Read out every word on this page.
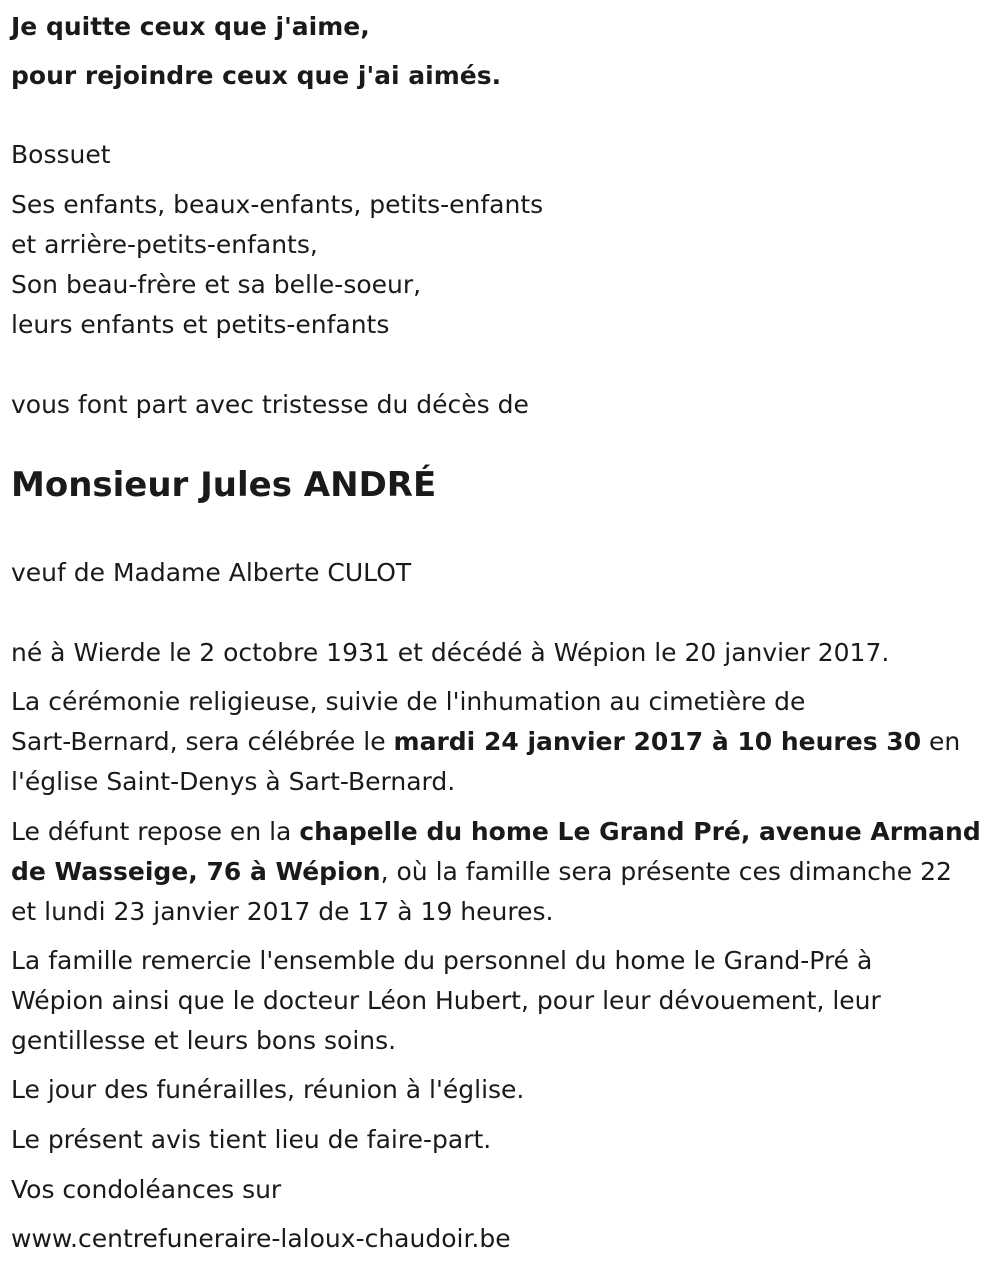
Je quitte ceux que j'aime,
pour rejoindre ceux que j'ai aimés.
Bossuet
Ses enfants, beaux-enfants, petits-enfants
et arrière-petits-enfants,
Son beau-frère et sa belle-soeur,
leurs enfants et petits-enfants
vous font part avec tristesse du décès de
Monsieur Jules ANDRÉ
veuf de Madame Alberte CULOT
né à Wierde le 2 octobre 1931 et décédé à Wépion le 20 janvier 2017.
La cérémonie religieuse, suivie de l'inhumation au cimetière de
Sart-Bernard, sera célébrée le mardi 24 janvier 2017 à 10 heures 30 en
l'église Saint-Denys à Sart-Bernard.
Le défunt repose en la chapelle du home Le Grand Pré, avenue Armand
de Wasseige, 76 à Wépion, où la famille sera présente ces dimanche 22
et lundi 23 janvier 2017 de 17 à 19 heures.
La famille remercie l'ensemble du personnel du home le Grand-Pré à
Wépion ainsi que le docteur Léon Hubert, pour leur dévouement, leur
gentillesse et leurs bons soins.
Le jour des funérailles, réunion à l'église.
Le présent avis tient lieu de faire-part.
Vos condoléances sur
www.centrefuneraire-laloux-chaudoir.be
